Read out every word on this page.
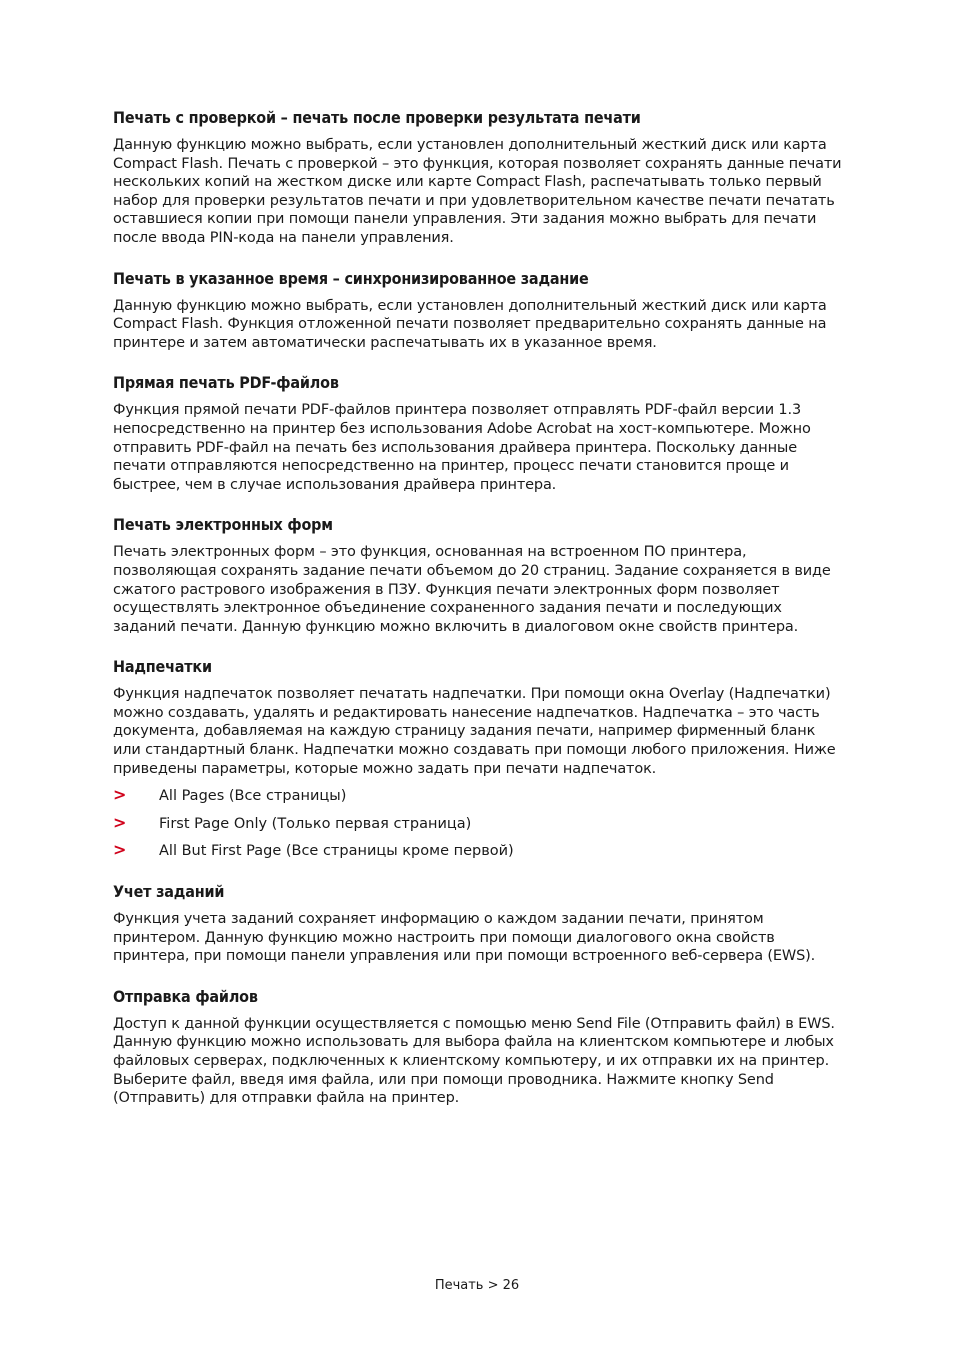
Печать с проверкой – печать после проверки результата печати

Данную функцию можно выбрать, если установлен дополнительный жесткий диск или карта Compact Flash. Печать с проверкой – это функция, которая позволяет сохранять данные печати нескольких копий на жестком диске или карте Compact Flash, распечатывать только первый набор для проверки результатов печати и при удовлетворительном качестве печати печатать оставшиеся копии при помощи панели управления. Эти задания можно выбрать для печати после ввода PIN-кода на панели управления.

Печать в указанное время – синхронизированное задание

Данную функцию можно выбрать, если установлен дополнительный жесткий диск или карта Compact Flash. Функция отложенной печати позволяет предварительно сохранять данные на принтере и затем автоматически распечатывать их в указанное время.

Прямая печать PDF-файлов

Функция прямой печати PDF-файлов принтера позволяет отправлять PDF-файл версии 1.3 непосредственно на принтер без использования Adobe Acrobat на хост-компьютере. Можно отправить PDF-файл на печать без использования драйвера принтера. Поскольку данные печати отправляются непосредственно на принтер, процесс печати становится проще и быстрее, чем в случае использования драйвера принтера.

Печать электронных форм

Печать электронных форм – это функция, основанная на встроенном ПО принтера, позволяющая сохранять задание печати объемом до 20 страниц. Задание сохраняется в виде сжатого растрового изображения в ПЗУ. Функция печати электронных форм позволяет осуществлять электронное объединение сохраненного задания печати и последующих заданий печати. Данную функцию можно включить в диалоговом окне свойств принтера.

Надпечатки

Функция надпечаток позволяет печатать надпечатки. При помощи окна Overlay (Надпечатки) можно создавать, удалять и редактировать нанесение надпечатков. Надпечатка – это часть документа, добавляемая на каждую страницу задания печати, например фирменный бланк или стандартный бланк. Надпечатки можно создавать при помощи любого приложения. Ниже приведены параметры, которые можно задать при печати надпечаток.

>	All Pages (Все страницы)
>	First Page Only (Только первая страница)
>	All But First Page (Все страницы кроме первой)
Учет заданий

Функция учета заданий сохраняет информацию о каждом задании печати, принятом принтером. Данную функцию можно настроить при помощи диалогового окна свойств принтера, при помощи панели управления или при помощи встроенного веб-сервера (EWS).

Отправка файлов

Доступ к данной функции осуществляется с помощью меню Send File (Отправить файл) в EWS. Данную функцию можно использовать для выбора файла на клиентском компьютере и любых файловых серверах, подключенных к клиентскому компьютеру, и их отправки их на принтер. Выберите файл, введя имя файла, или при помощи проводника. Нажмите кнопку Send (Отправить) для отправки файла на принтер.

Печать > 26
